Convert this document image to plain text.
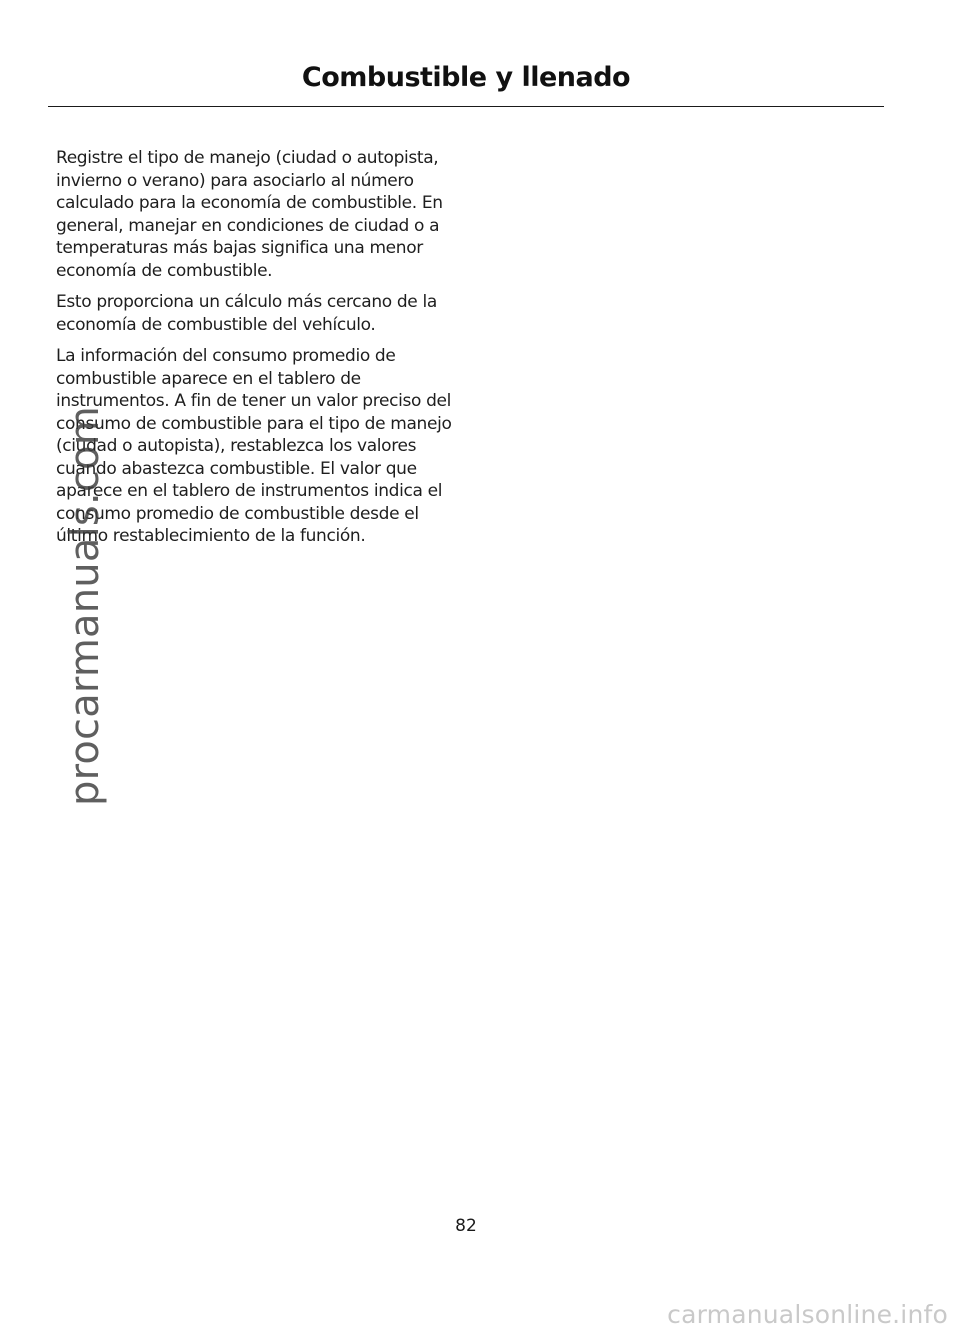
Combustible y llenado

Registre el tipo de manejo (ciudad o autopista, invierno o verano) para asociarlo al número calculado para la economía de combustible. En general, manejar en condiciones de ciudad o a temperaturas más bajas significa una menor economía de combustible.

Esto proporciona un cálculo más cercano de la economía de combustible del vehículo.

La información del consumo promedio de combustible aparece en el tablero de instrumentos. A fin de tener un valor preciso del consumo de combustible para el tipo de manejo (ciudad o autopista), restablezca los valores cuando abastezca combustible. El valor que aparece en el tablero de instrumentos indica el consumo promedio de combustible desde el último restablecimiento de la función.

82
procarmanuals.com
carmanualsonline.info
